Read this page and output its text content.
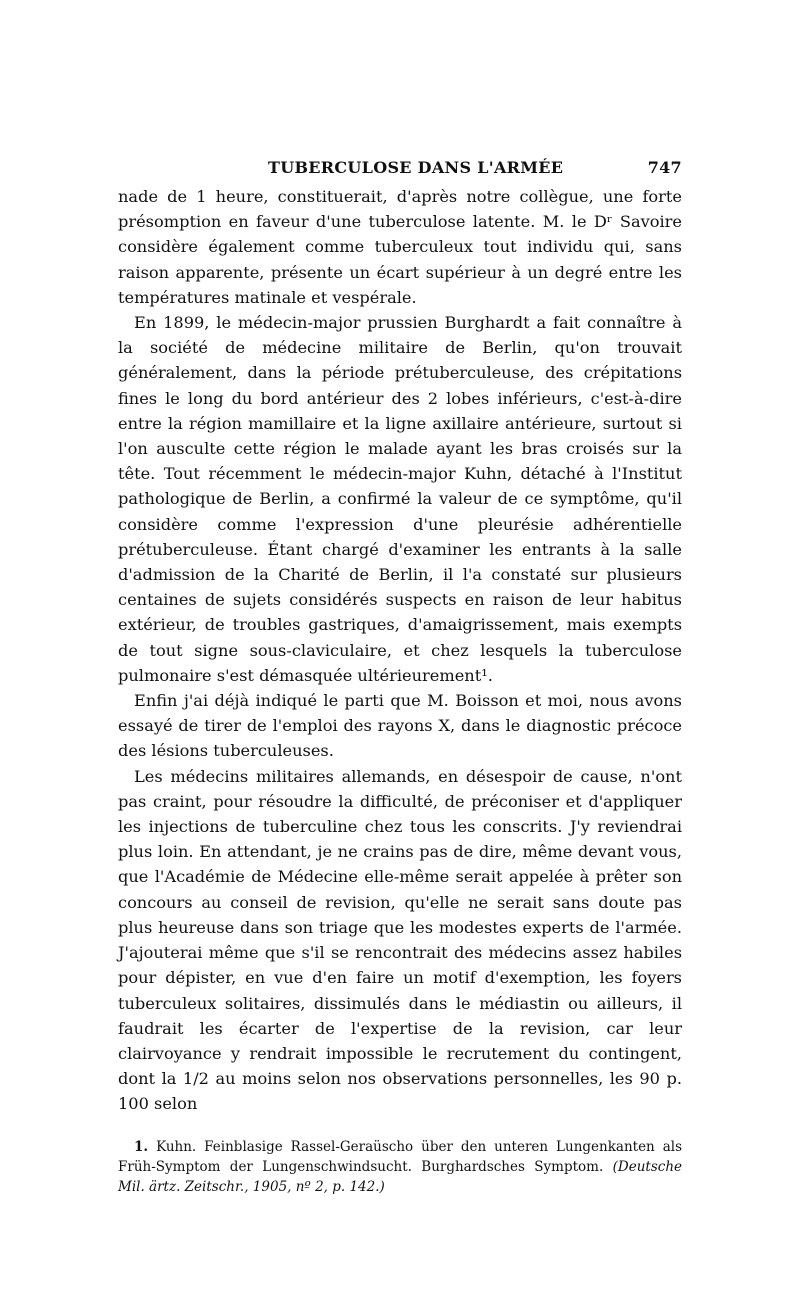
TUBERCULOSE DANS L'ARMÉE	747

nade de 1 heure, constituerait, d'après notre collègue, une forte présomption en faveur d'une tuberculose latente. M. le Dʳ Savoire considère également comme tuberculeux tout individu qui, sans raison apparente, présente un écart supérieur à un degré entre les températures matinale et vespérale.

En 1899, le médecin-major prussien Burghardt a fait connaître à la société de médecine militaire de Berlin, qu'on trouvait généralement, dans la période prétuberculeuse, des crépitations fines le long du bord antérieur des 2 lobes inférieurs, c'est-à-dire entre la région mamillaire et la ligne axillaire antérieure, surtout si l'on ausculte cette région le malade ayant les bras croisés sur la tête. Tout récemment le médecin-major Kuhn, détaché à l'Institut pathologique de Berlin, a confirmé la valeur de ce symptôme, qu'il considère comme l'expression d'une pleurésie adhérentielle prétuberculeuse. Étant chargé d'examiner les entrants à la salle d'admission de la Charité de Berlin, il l'a constaté sur plusieurs centaines de sujets considérés suspects en raison de leur habitus extérieur, de troubles gastriques, d'amaigrissement, mais exempts de tout signe sous-claviculaire, et chez lesquels la tuberculose pulmonaire s'est démasquée ultérieurement¹.

Enfin j'ai déjà indiqué le parti que M. Boisson et moi, nous avons essayé de tirer de l'emploi des rayons X, dans le diagnostic précoce des lésions tuberculeuses.

Les médecins militaires allemands, en désespoir de cause, n'ont pas craint, pour résoudre la difficulté, de préconiser et d'appliquer les injections de tuberculine chez tous les conscrits. J'y reviendrai plus loin. En attendant, je ne crains pas de dire, même devant vous, que l'Académie de Médecine elle-même serait appelée à prêter son concours au conseil de revision, qu'elle ne serait sans doute pas plus heureuse dans son triage que les modestes experts de l'armée. J'ajouterai même que s'il se rencontrait des médecins assez habiles pour dépister, en vue d'en faire un motif d'exemption, les foyers tuberculeux solitaires, dissimulés dans le médiastin ou ailleurs, il faudrait les écarter de l'expertise de la revision, car leur clairvoyance y rendrait impossible le recrutement du contingent, dont la 1/2 au moins selon nos observations personnelles, les 90 p. 100 selon

1. Kuhn. Feinblasige Rassel-Geraüscho über den unteren Lungenkanten als Früh-Symptom der Lungenschwindsucht. Burghardsches Symptom. (Deutsche Mil. ärtz. Zeitschr., 1905, nº 2, p. 142.)
